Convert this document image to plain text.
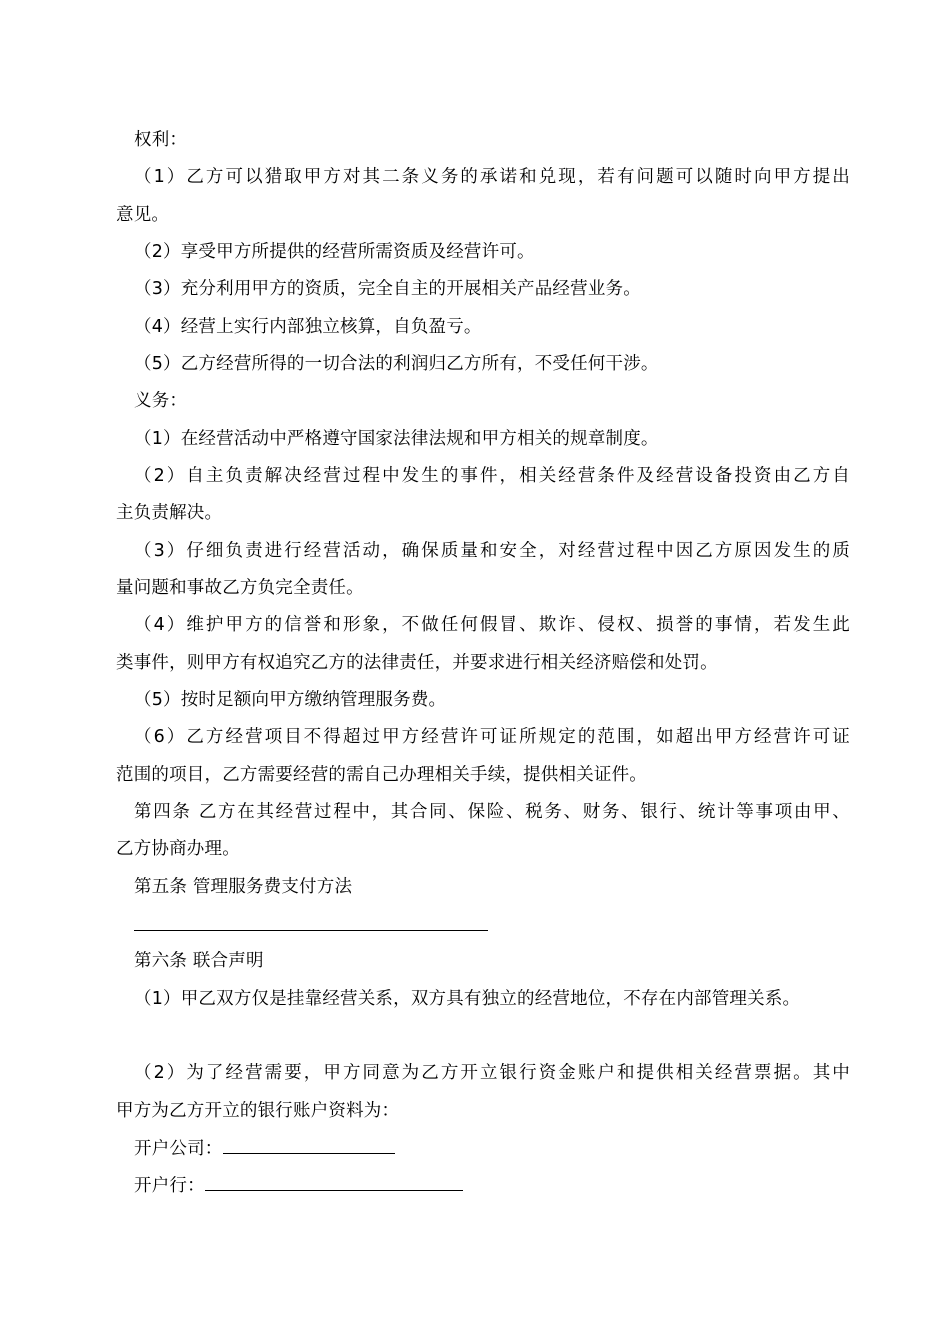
权利：
（1）乙方可以猎取甲方对其二条义务的承诺和兑现，若有问题可以随时向甲方提出
意见。
（2）享受甲方所提供的经营所需资质及经营许可。
（3）充分利用甲方的资质，完全自主的开展相关产品经营业务。
（4）经营上实行内部独立核算，自负盈亏。
（5）乙方经营所得的一切合法的利润归乙方所有，不受任何干涉。
义务：
（1）在经营活动中严格遵守国家法律法规和甲方相关的规章制度。
（2）自主负责解决经营过程中发生的事件，相关经营条件及经营设备投资由乙方自
主负责解决。
（3）仔细负责进行经营活动，确保质量和安全，对经营过程中因乙方原因发生的质
量问题和事故乙方负完全责任。
（4）维护甲方的信誉和形象，不做任何假冒、欺诈、侵权、损誉的事情，若发生此
类事件，则甲方有权追究乙方的法律责任，并要求进行相关经济赔偿和处罚。
（5）按时足额向甲方缴纳管理服务费。
（6）乙方经营项目不得超过甲方经营许可证所规定的范围，如超出甲方经营许可证
范围的项目，乙方需要经营的需自己办理相关手续，提供相关证件。
第四条 乙方在其经营过程中，其合同、保险、税务、财务、银行、统计等事项由甲、
乙方协商办理。
第五条 管理服务费支付方法
第六条 联合声明
（1）甲乙双方仅是挂靠经营关系，双方具有独立的经营地位，不存在内部管理关系。
（2）为了经营需要，甲方同意为乙方开立银行资金账户和提供相关经营票据。其中
甲方为乙方开立的银行账户资料为：
开户公司：
开户行：
